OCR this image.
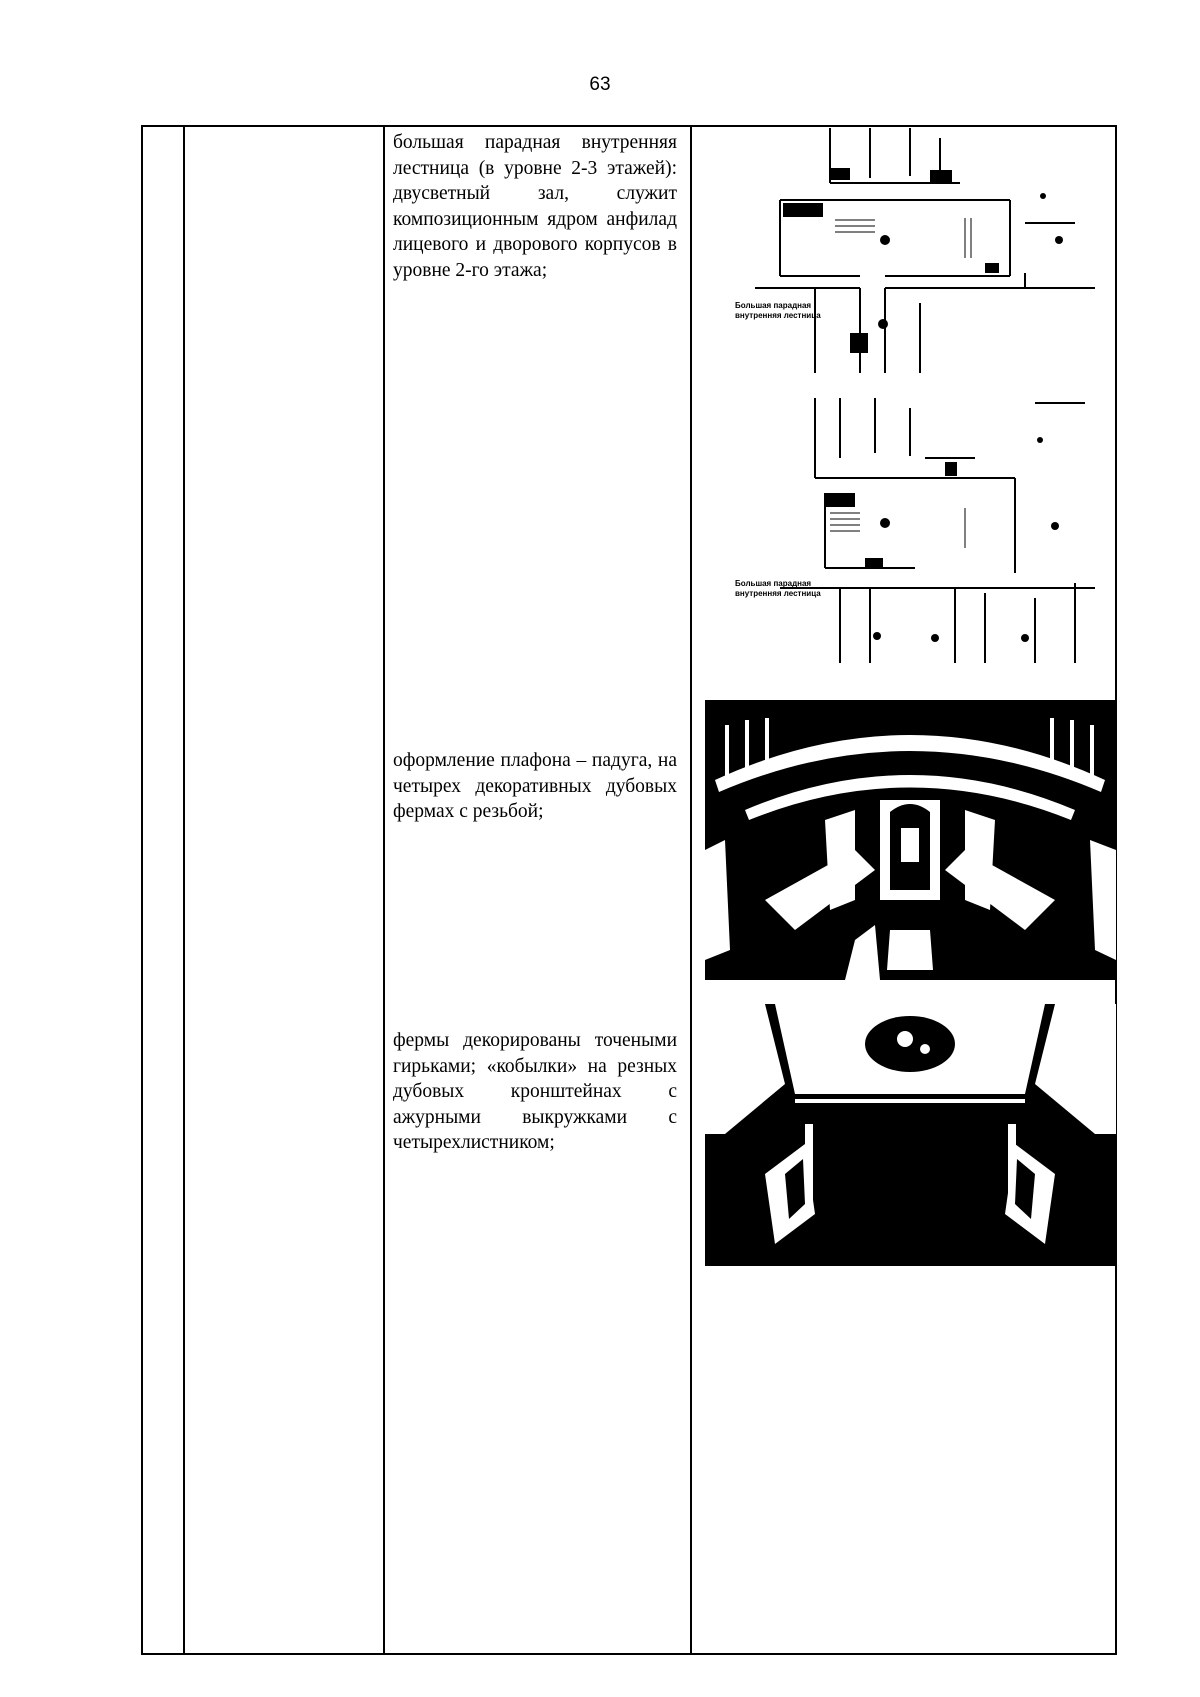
63
большая парадная внутренняя лестница (в уровне 2-3 этажей): двусветный зал, служит композиционным ядром анфилад лицевого и дворового корпусов в уровне 2-го этажа;
оформление плафона – падуга, на четырех декоративных дубовых фермах с резьбой;
фермы декорированы точеными гирьками; «кобылки» на резных дубовых кронштейнах с ажурными выкружками с четырехлистником;
Большая парадная
внутренняя лестница
Большая парадная
внутренняя лестница
